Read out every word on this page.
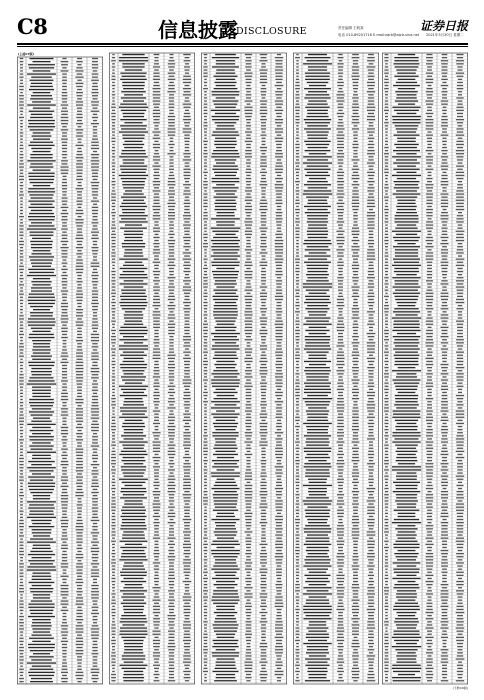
C8	信息披露
DISCLOSURE	责任编辑 王帆真
电话 010-89201716 E-mail:zqrb@zqrb.sina.net
证券日报
2021年3月30日 星期二
(上接C7版)
(下转C9版)
